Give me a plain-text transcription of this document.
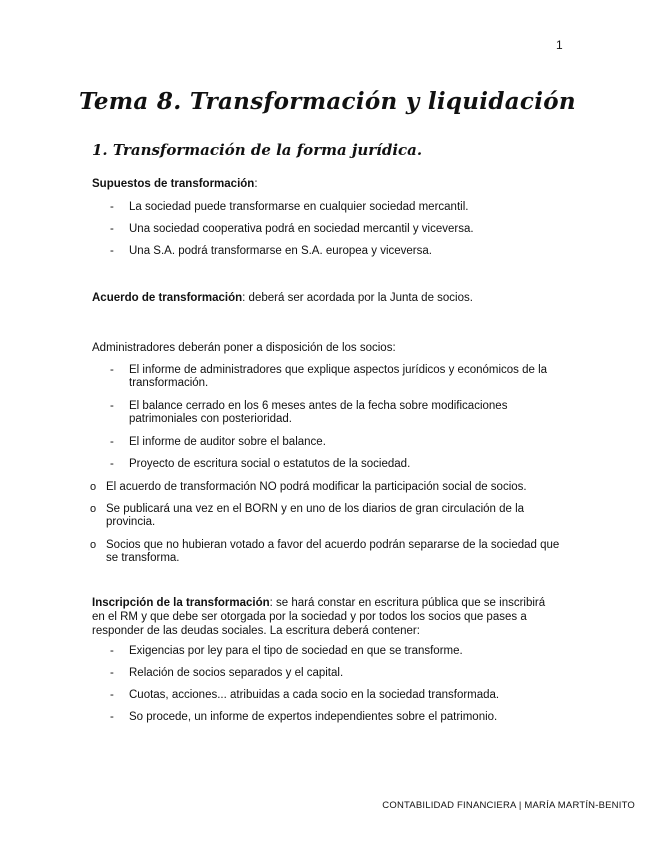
1
Tema 8. Transformación y liquidación
1. Transformación de la forma jurídica.
Supuestos de transformación:
-	La sociedad puede transformarse en cualquier sociedad mercantil.
-	Una sociedad cooperativa podrá en sociedad mercantil y viceversa.
-	Una S.A. podrá transformarse en S.A. europea y viceversa.
Acuerdo de transformación: deberá ser acordada por la Junta de socios.
Administradores deberán poner a disposición de los socios:
-	El informe de administradores que explique aspectos jurídicos y económicos de la transformación.
-	El balance cerrado en los 6 meses antes de la fecha sobre modificaciones patrimoniales con posterioridad.
-	El informe de auditor sobre el balance.
-	Proyecto de escritura social o estatutos de la sociedad.
o El acuerdo de transformación NO podrá modificar la participación social de socios.
o Se publicará una vez en el BORN y en uno de los diarios de gran circulación de la provincia.
o Socios que no hubieran votado a favor del acuerdo podrán separarse de la sociedad que se transforma.
Inscripción de la transformación: se hará constar en escritura pública que se inscribirá en el RM y que debe ser otorgada por la sociedad y por todos los socios que pases a responder de las deudas sociales. La escritura deberá contener:
-	Exigencias por ley para el tipo de sociedad en que se transforme.
-	Relación de socios separados y el capital.
-	Cuotas, acciones... atribuidas a cada socio en la sociedad transformada.
-	So procede, un informe de expertos independientes sobre el patrimonio.
CONTABILIDAD FINANCIERA | MARÍA MARTÍN-BENITO
